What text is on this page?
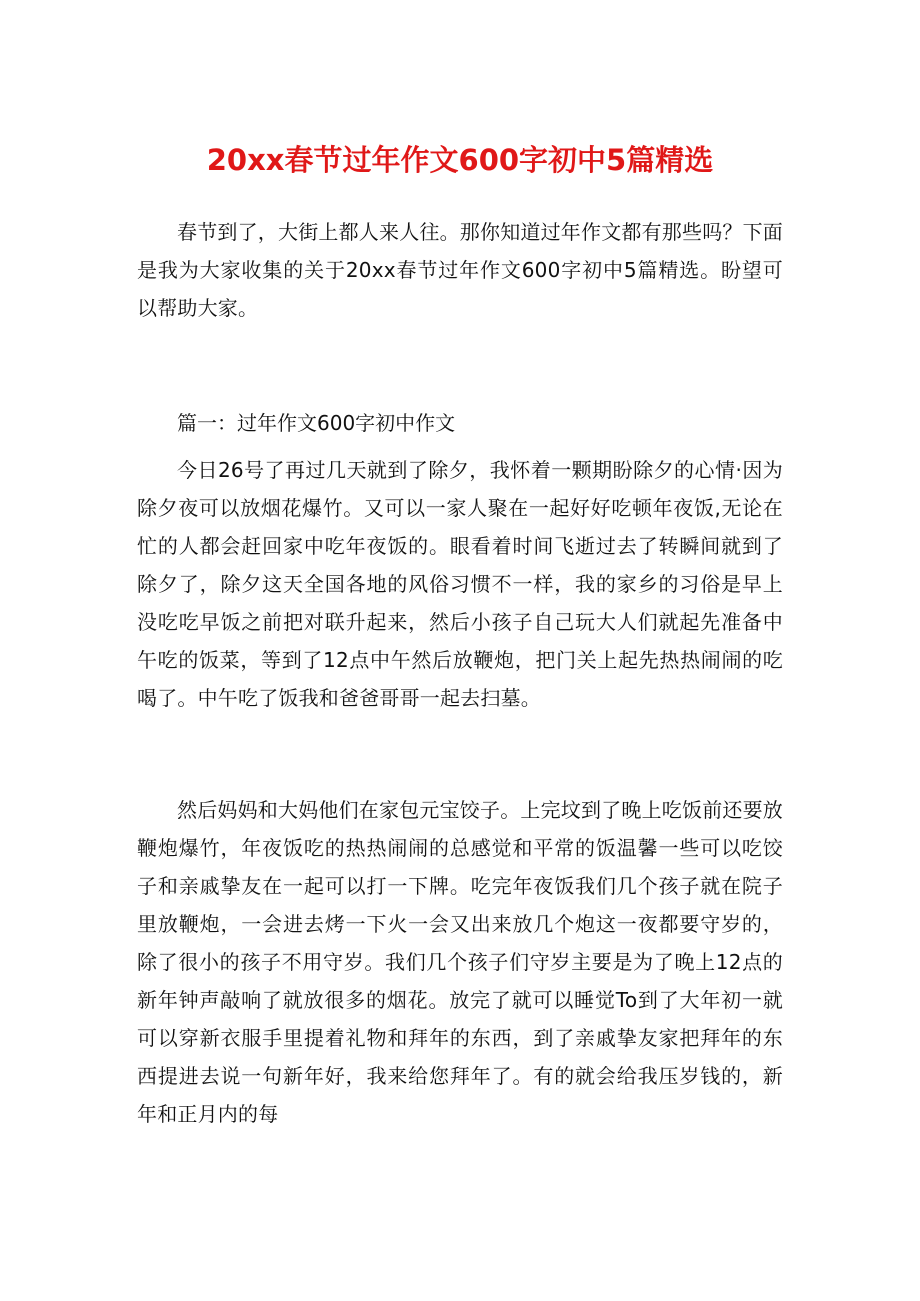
20xx春节过年作文600字初中5篇精选

春节到了，大街上都人来人往。那你知道过年作文都有那些吗？下面是我为大家收集的关于20xx春节过年作文600字初中5篇精选。盼望可以帮助大家。

篇一：过年作文600字初中作文

今日26号了再过几天就到了除夕，我怀着一颗期盼除夕的心情·因为除夕夜可以放烟花爆竹。又可以一家人聚在一起好好吃顿年夜饭,无论在忙的人都会赶回家中吃年夜饭的。眼看着时间飞逝过去了转瞬间就到了除夕了，除夕这天全国各地的风俗习惯不一样，我的家乡的习俗是早上没吃吃早饭之前把对联升起来，然后小孩子自己玩大人们就起先准备中午吃的饭菜，等到了12点中午然后放鞭炮，把门关上起先热热闹闹的吃喝了。中午吃了饭我和爸爸哥哥一起去扫墓。

然后妈妈和大妈他们在家包元宝饺子。上完坟到了晚上吃饭前还要放鞭炮爆竹，年夜饭吃的热热闹闹的总感觉和平常的饭温馨一些可以吃饺子和亲戚挚友在一起可以打一下牌。吃完年夜饭我们几个孩子就在院子里放鞭炮，一会进去烤一下火一会又出来放几个炮这一夜都要守岁的，除了很小的孩子不用守岁。我们几个孩子们守岁主要是为了晚上12点的新年钟声敲响了就放很多的烟花。放完了就可以睡觉To到了大年初一就可以穿新衣服手里提着礼物和拜年的东西，到了亲戚挚友家把拜年的东西提进去说一句新年好，我来给您拜年了。有的就会给我压岁钱的，新年和正月内的每
